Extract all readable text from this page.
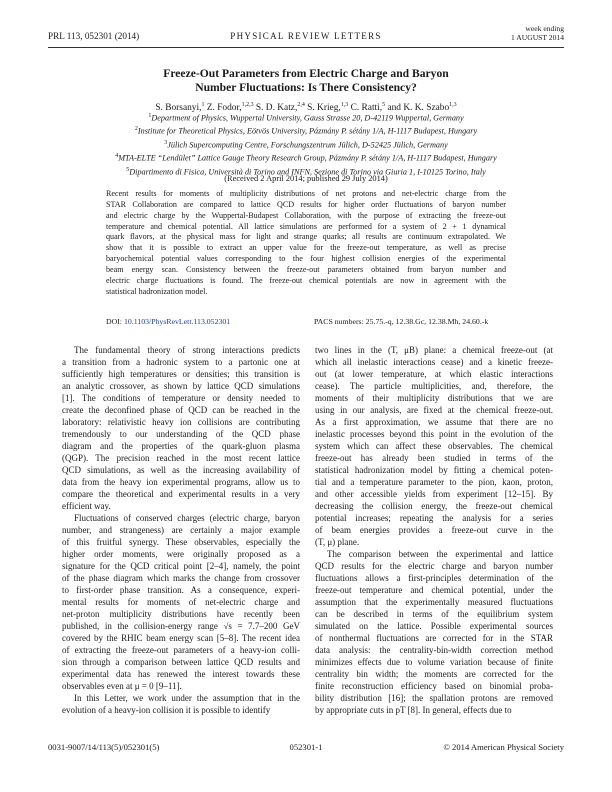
PRL 113, 052301 (2014)	PHYSICAL REVIEW LETTERS
week ending
1 AUGUST 2014
Freeze-Out Parameters from Electric Charge and Baryon
Number Fluctuations: Is There Consistency?
S. Borsanyi,$^1$ Z. Fodor,$^{1,2,3}$ S. D. Katz,$^{2,4}$ S. Krieg,$^{1,3}$ C. Ratti,$^5$ and K. K. Szabo$^{1,3}$
$^1$Department of Physics, Wuppertal University, Gauss Strasse 20, D-42119 Wuppertal, Germany
$^2$Institute for Theoretical Physics, Eötvös University, Pázmány P. sétány 1/A, H-1117 Budapest, Hungary
$^3$Jülich Supercomputing Centre, Forschungszentrum Jülich, D-52425 Jülich, Germany
$^4$MTA-ELTE “Lendület” Lattice Gauge Theory Research Group, Pázmány P. sétány 1/A, H-1117 Budapest, Hungary
$^5$Dipartimento di Fisica, Università di Torino and INFN, Sezione di Torino via Giuria 1, I-10125 Torino, Italy
(Received 2 April 2014; published 29 July 2014)
Recent results for moments of multiplicity distributions of net protons and net-electric charge from the
STAR Collaboration are compared to lattice QCD results for higher order fluctuations of baryon number
and electric charge by the Wuppertal-Budapest Collaboration, with the purpose of extracting the freeze-out
temperature and chemical potential. All lattice simulations are performed for a system of 2 + 1 dynamical
quark flavors, at the physical mass for light and strange quarks; all results are continuum extrapolated. We
show that it is possible to extract an upper value for the freeze-out temperature, as well as precise
baryochemical potential values corresponding to the four highest collision energies of the experimental
beam energy scan. Consistency between the freeze-out parameters obtained from baryon number and
electric charge fluctuations is found. The freeze-out chemical potentials are now in agreement with the
statistical hadronization model.
DOI: 10.1103/PhysRevLett.113.052301	PACS numbers: 25.75.-q, 12.38.Gc, 12.38.Mh, 24.60.-k
The fundamental theory of strong interactions predicts
a transition from a hadronic system to a partonic one at
sufficiently high temperatures or densities; this transition is
an analytic crossover, as shown by lattice QCD simulations
[1]. The conditions of temperature or density needed to
create the deconfined phase of QCD can be reached in the
laboratory: relativistic heavy ion collisions are contributing
tremendously to our understanding of the QCD phase
diagram and the properties of the quark-gluon plasma
(QGP). The precision reached in the most recent lattice
QCD simulations, as well as the increasing availability of
data from the heavy ion experimental programs, allow us to
compare the theoretical and experimental results in a very
efficient way.
Fluctuations of conserved charges (electric charge, baryon
number, and strangeness) are certainly a major example
of this fruitful synergy. These observables, especially the
higher order moments, were originally proposed as a
signature for the QCD critical point [2–4], namely, the point
of the phase diagram which marks the change from crossover
to first-order phase transition. As a consequence, experi-
mental results for moments of net-electric charge and
net-proton multiplicity distributions have recently been
published, in the collision-energy range √s = 7.7–200 GeV
covered by the RHIC beam energy scan [5–8]. The recent idea
of extracting the freeze-out parameters of a heavy-ion colli-
sion through a comparison between lattice QCD results and
experimental data has renewed the interest towards these
observables even at μ = 0 [9–11].
In this Letter, we work under the assumption that in the
evolution of a heavy-ion collision it is possible to identify
two lines in the (T, μB) plane: a chemical freeze-out (at
which all inelastic interactions cease) and a kinetic freeze-
out (at lower temperature, at which elastic interactions
cease). The particle multiplicities, and, therefore, the
moments of their multiplicity distributions that we are
using in our analysis, are fixed at the chemical freeze-out.
As a first approximation, we assume that there are no
inelastic processes beyond this point in the evolution of the
system which can affect these observables. The chemical
freeze-out has already been studied in terms of the
statistical hadronization model by fitting a chemical poten-
tial and a temperature parameter to the pion, kaon, proton,
and other accessible yields from experiment [12–15]. By
decreasing the collision energy, the freeze-out chemical
potential increases; repeating the analysis for a series
of beam energies provides a freeze-out curve in the
(T, μ) plane.
The comparison between the experimental and lattice
QCD results for the electric charge and baryon number
fluctuations allows a first-principles determination of the
freeze-out temperature and chemical potential, under the
assumption that the experimentally measured fluctuations
can be described in terms of the equilibrium system
simulated on the lattice. Possible experimental sources
of nonthermal fluctuations are corrected for in the STAR
data analysis: the centrality-bin-width correction method
minimizes effects due to volume variation because of finite
centrality bin width; the moments are corrected for the
finite reconstruction efficiency based on binomial proba-
bility distribution [16]; the spallation protons are removed
by appropriate cuts in pT [8]. In general, effects due to
0031-9007/14/113(5)/052301(5)	052301-1	© 2014 American Physical Society
